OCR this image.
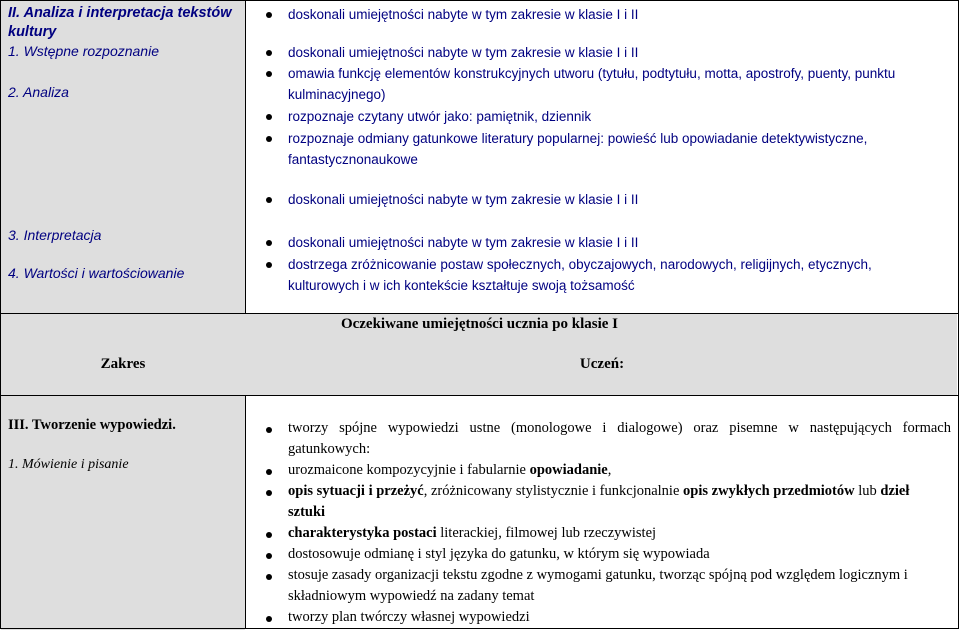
II. Analiza i interpretacja tekstów
kultury
1. Wstępne rozpoznanie
2. Analiza
3. Interpretacja
4. Wartości i wartościowanie
doskonali umiejętności nabyte w tym zakresie w klasie I i II
doskonali umiejętności nabyte w tym zakresie w klasie I i II
omawia funkcję elementów konstrukcyjnych utworu (tytułu, podtytułu, motta, apostrofy, puenty, punktu
kulminacyjnego)
rozpoznaje czytany utwór jako: pamiętnik, dziennik
rozpoznaje odmiany gatunkowe literatury popularnej: powieść lub opowiadanie detektywistyczne,
fantastycznonaukowe
doskonali umiejętności nabyte w tym zakresie w klasie I i II
doskonali umiejętności nabyte w tym zakresie w klasie I i II
dostrzega zróżnicowanie postaw społecznych, obyczajowych, narodowych, religijnych, etycznych,
kulturowych i w ich kontekście kształtuje swoją tożsamość
Oczekiwane umiejętności ucznia po klasie I
Zakres	Uczeń:
III. Tworzenie wypowiedzi.
1. Mówienie i pisanie
tworzy spójne wypowiedzi ustne (monologowe i dialogowe) oraz pisemne w następujących formach
gatunkowych:
urozmaicone kompozycyjnie i fabularnie opowiadanie,
opis sytuacji i przeżyć, zróżnicowany stylistycznie i funkcjonalnie opis zwykłych przedmiotów lub dzieł
sztuki
charakterystyka postaci literackiej, filmowej lub rzeczywistej
dostosowuje odmianę i styl języka do gatunku, w którym się wypowiada
stosuje zasady organizacji tekstu zgodne z wymogami gatunku, tworząc spójną pod względem logicznym i
składniowym wypowiedź na zadany temat
tworzy plan twórczy własnej wypowiedzi
